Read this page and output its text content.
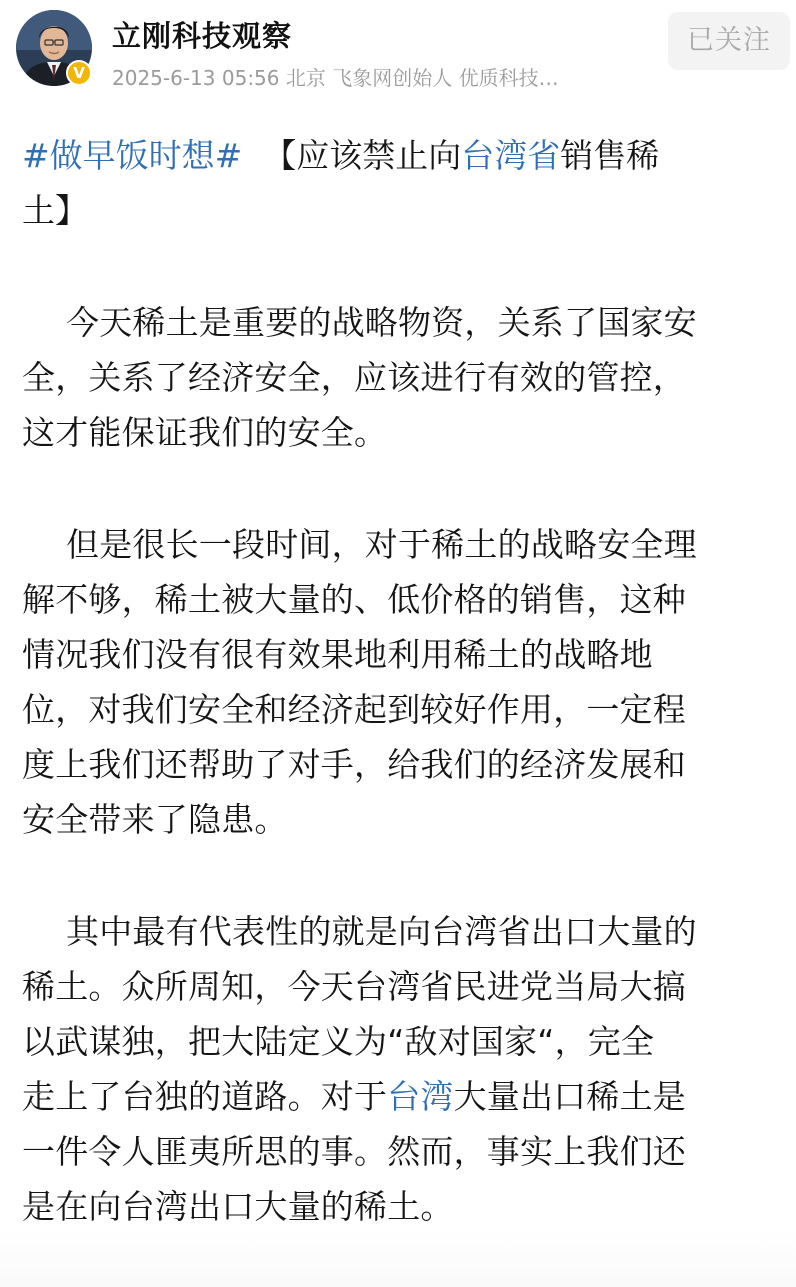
V
立刚科技观察
2025-6-13 05:56 北京 飞象网创始人 优质科技…
已关注
#做早饭时想# 【应该禁止向台湾省销售稀
土】
今天稀土是重要的战略物资，关系了国家安
全，关系了经济安全，应该进行有效的管控，
这才能保证我们的安全。
但是很长一段时间，对于稀土的战略安全理
解不够，稀土被大量的、低价格的销售，这种
情况我们没有很有效果地利用稀土的战略地
位，对我们安全和经济起到较好作用，一定程
度上我们还帮助了对手，给我们的经济发展和
安全带来了隐患。
其中最有代表性的就是向台湾省出口大量的
稀土。众所周知，今天台湾省民进党当局大搞
以武谋独，把大陆定义为“敌对国家“，完全
走上了台独的道路。对于台湾大量出口稀土是
一件令人匪夷所思的事。然而，事实上我们还
是在向台湾出口大量的稀土。
